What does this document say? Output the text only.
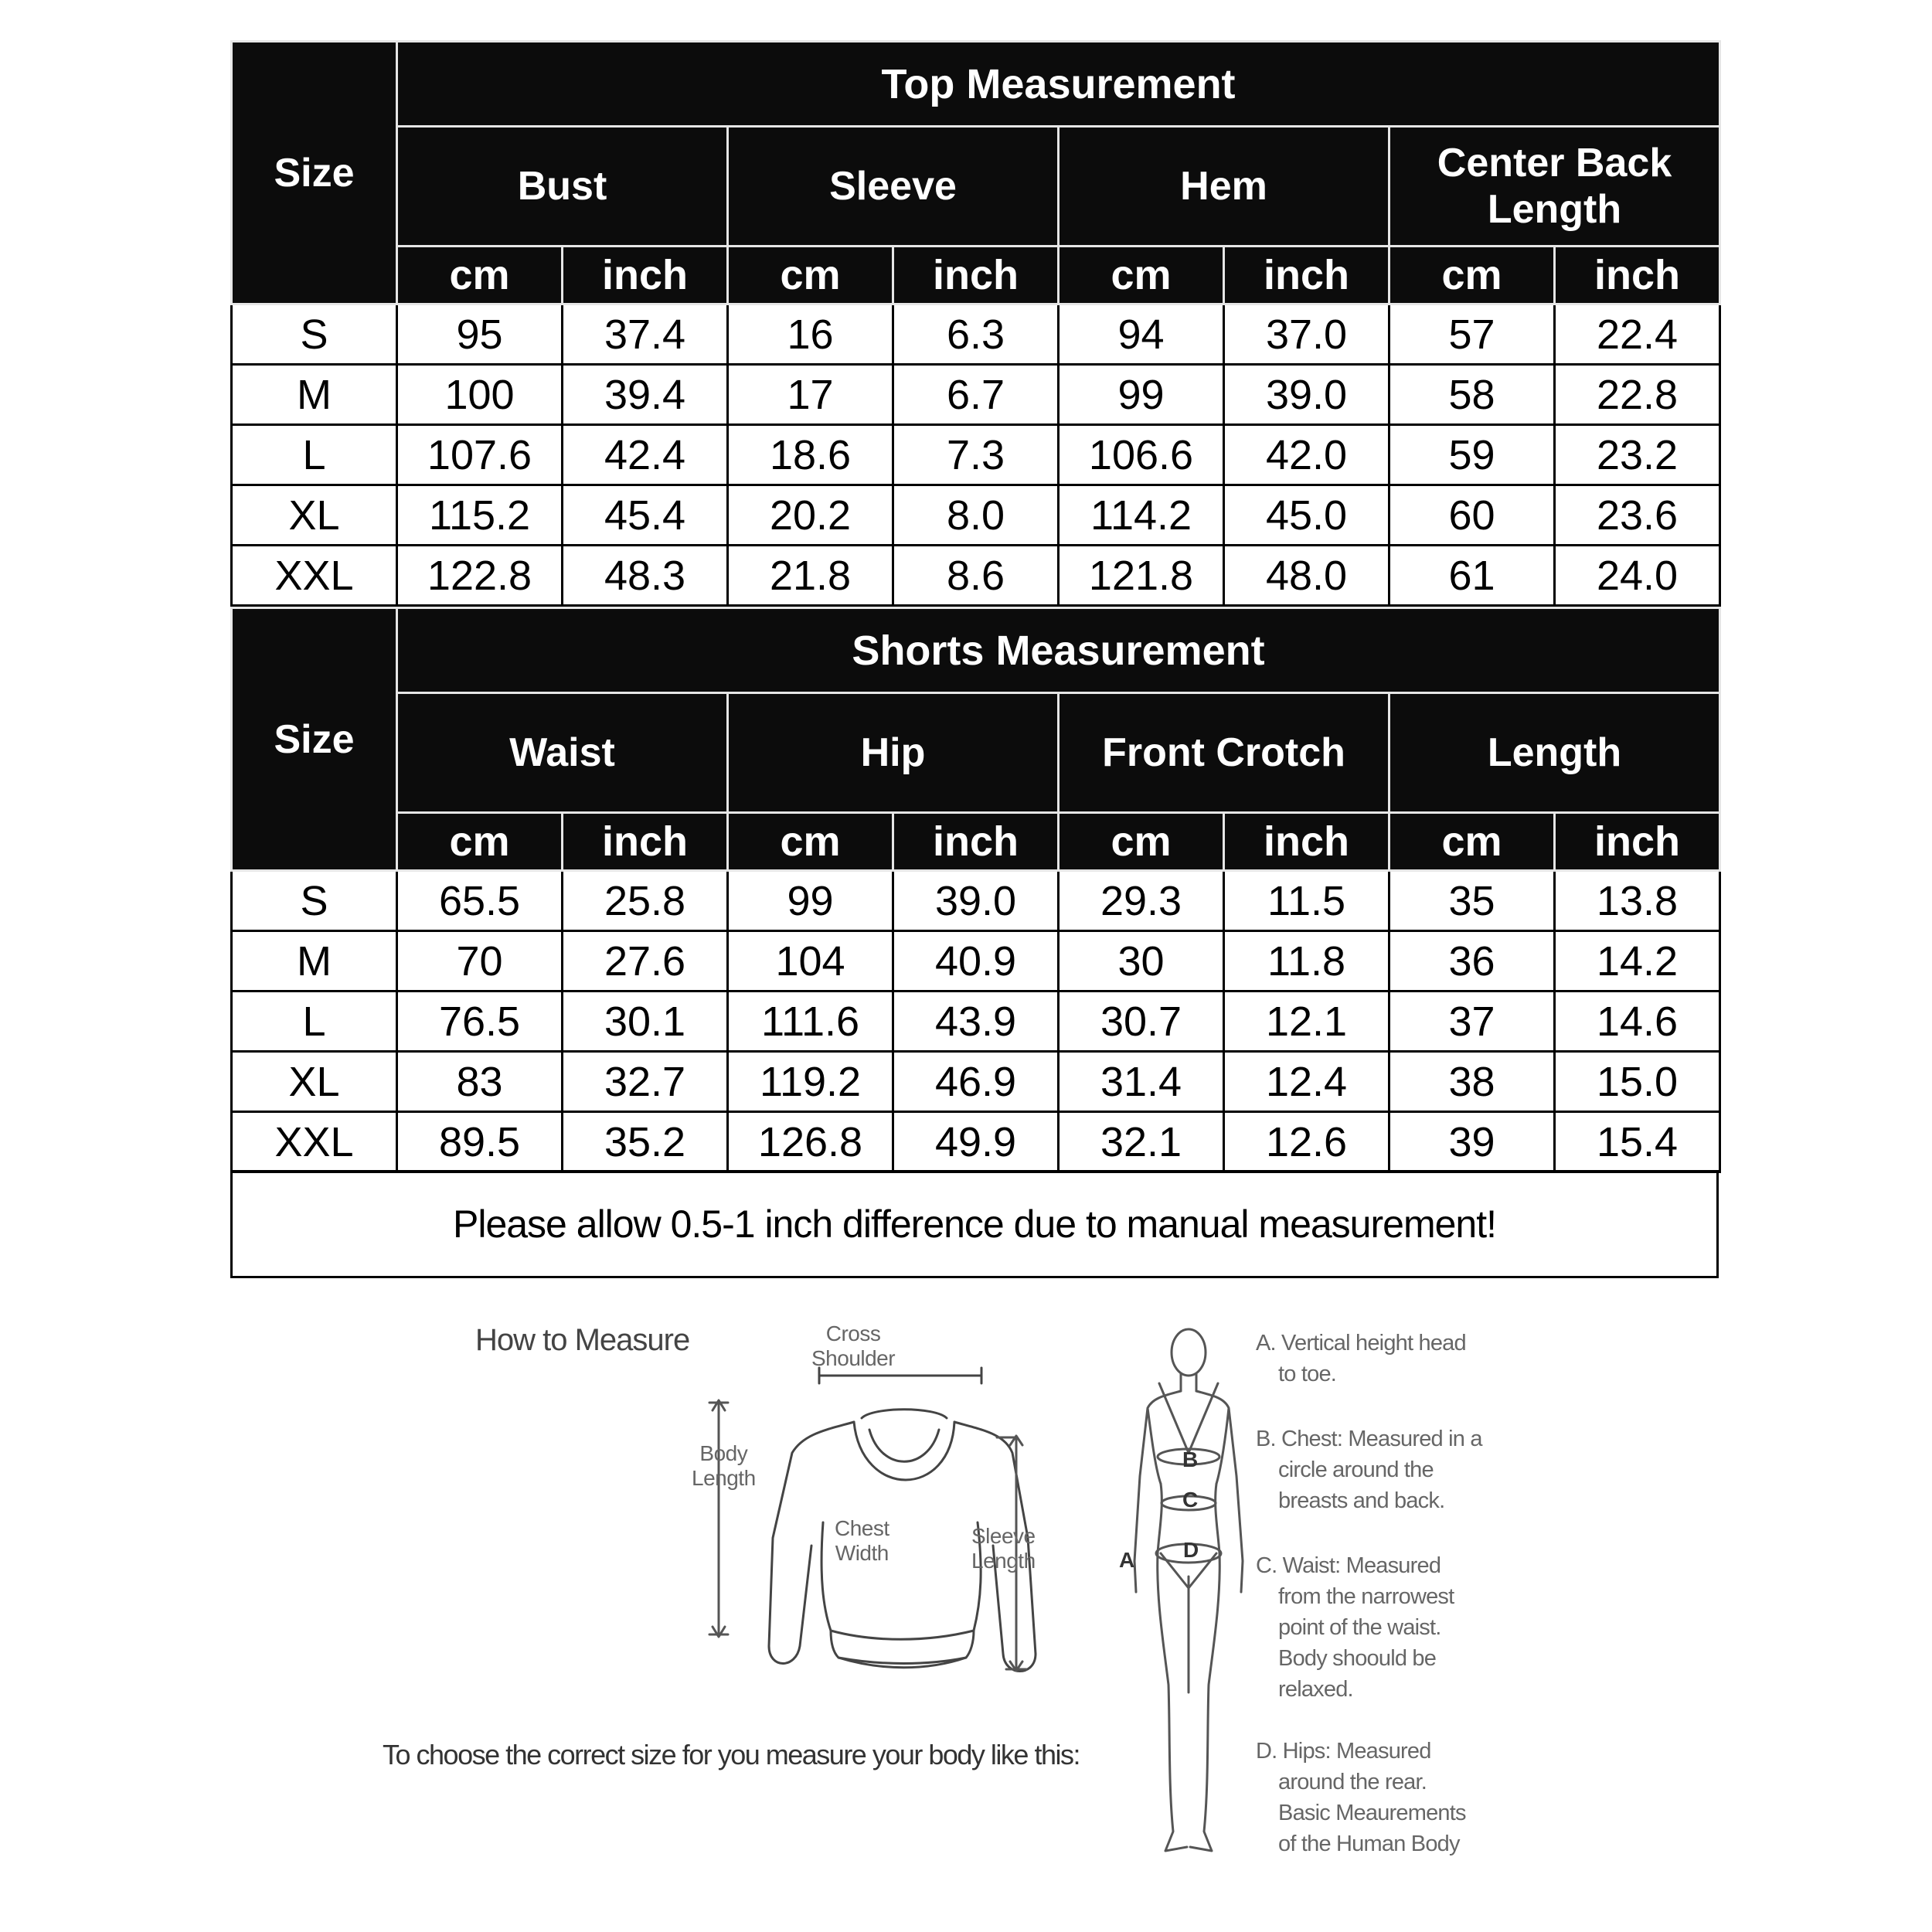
Size	Top Measurement							
	Bust		Sleeve		Hem		Center Back Length	
	cm	inch	cm	inch	cm	inch	cm	inch
S	95	37.4	16	6.3	94	37.0	57	22.4
M	100	39.4	17	6.7	99	39.0	58	22.8
L	107.6	42.4	18.6	7.3	106.6	42.0	59	23.2
XL	115.2	45.4	20.2	8.0	114.2	45.0	60	23.6
XXL	122.8	48.3	21.8	8.6	121.8	48.0	61	24.0
Size	Shorts Measurement							
	Waist		Hip		Front Crotch		Length	
	cm	inch	cm	inch	cm	inch	cm	inch
S	65.5	25.8	99	39.0	29.3	11.5	35	13.8
M	70	27.6	104	40.9	30	11.8	36	14.2
L	76.5	30.1	111.6	43.9	30.7	12.1	37	14.6
XL	83	32.7	119.2	46.9	31.4	12.4	38	15.0
XXL	89.5	35.2	126.8	49.9	32.1	12.6	39	15.4
Please allow 0.5-1 inch difference due to manual measurement!
How to Measure	Cross
Shoulder
Body
Length
Chest
Width
Sleeve
Length
To choose the correct size for you measure your body like this:
A
B
C
D
A. Vertical height head
to toe.
B. Chest: Measured in a
circle around the
breasts and back.
C. Waist: Measured
from the narrowest
point of the waist.
Body shoould be
relaxed.
D. Hips: Measured
around the rear.
Basic Meaurements
of the Human Body
